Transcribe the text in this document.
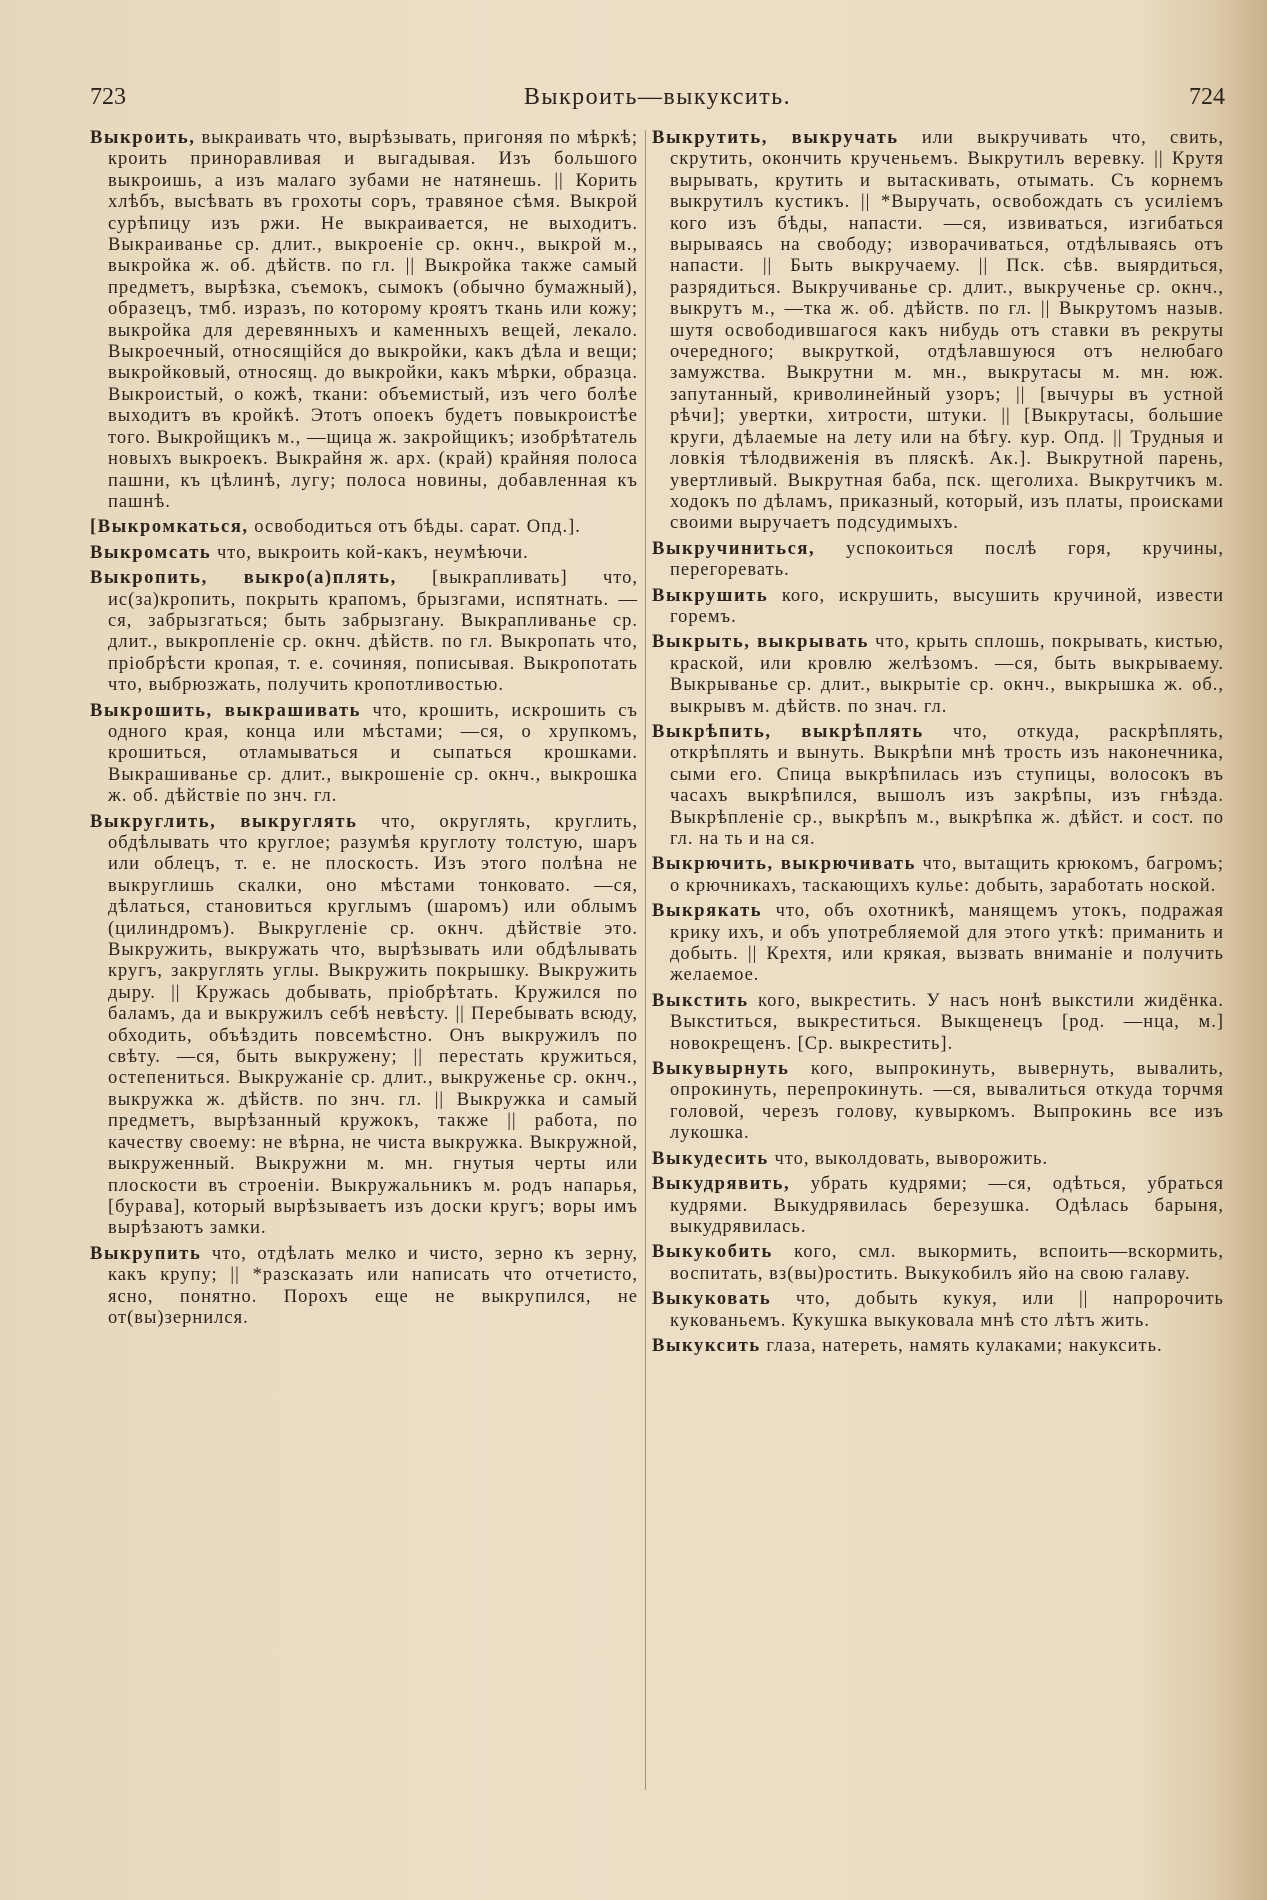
723	Выкроить—выкуксить.	724

Выкроить, выкраивать что, вырѣзывать, пригоняя по мѣркѣ; кроить приноравливая и выгадывая. Изъ большого выкроишь, а изъ малаго зубами не натянешь. || Корить хлѣбъ, высѣвать въ грохоты соръ, травяное сѣмя. Выкрой сурѣпицу изъ ржи. Не выкраивается, не выходитъ. Выкраиванье ср. длит., выкроеніе ср. окнч., выкрой м., выкройка ж. об. дѣйств. по гл. || Выкройка также самый предметъ, вырѣзка, съемокъ, сымокъ (обычно бумажный), образецъ, тмб. изразъ, по которому кроятъ ткань или кожу; выкройка для деревянныхъ и каменныхъ вещей, лекало. Выкроечный, относящійся до выкройки, какъ дѣла и вещи; выкройковый, относящ. до выкройки, какъ мѣрки, образца. Выкроистый, о кожѣ, ткани: объемистый, изъ чего болѣе выходитъ въ кройкѣ. Этотъ опоекъ будетъ повыкроистѣе того. Выкройщикъ м., —щица ж. закройщикъ; изобрѣтатель новыхъ выкроекъ. Выкрайня ж. арх. (край) крайняя полоса пашни, къ цѣлинѣ, лугу; полоса новины, добавленная къ пашнѣ.

[Выкромкаться, освободиться отъ бѣды. сарат. Опд.].

Выкромсать что, выкроить кой-какъ, неумѣючи.

Выкропить, выкро(а)плять, [выкрапливать] что, ис(за)кропить, покрыть крапомъ, брызгами, испятнать. —ся, забрызгаться; быть забрызгану. Выкрапливанье ср. длит., выкропленіе ср. окнч. дѣйств. по гл. Выкропать что, пріобрѣсти кропая, т. е. сочиняя, пописывая. Выкропотать что, выбрюзжать, получить кропотливостью.

Выкрошить, выкрашивать что, крошить, искрошить съ одного края, конца или мѣстами; —ся, о хрупкомъ, крошиться, отламываться и сыпаться крошками. Выкрашиванье ср. длит., выкрошеніе ср. окнч., выкрошка ж. об. дѣйствіе по знч. гл.

Выкруглить, выкруглять что, округлять, круглить, обдѣлывать что круглое; разумѣя круглоту толстую, шаръ или облецъ, т. е. не плоскость. Изъ этого полѣна не выкруглишь скалки, оно мѣстами тонковато. —ся, дѣлаться, становиться круглымъ (шаромъ) или облымъ (цилиндромъ). Выкругленіе ср. окнч. дѣйствіе это. Выкружить, выкружать что, вырѣзывать или обдѣлывать кругъ, закруглять углы. Выкружить покрышку. Выкружить дыру. || Кружась добывать, пріобрѣтать. Кружился по баламъ, да и выкружилъ себѣ невѣсту. || Перебывать всюду, обходить, объѣздить повсемѣстно. Онъ выкружилъ по свѣту. —ся, быть выкружену; || перестать кружиться, остепениться. Выкружаніе ср. длит., выкруженье ср. окнч., выкружка ж. дѣйств. по знч. гл. || Выкружка и самый предметъ, вырѣзанный кружокъ, также || работа, по качеству своему: не вѣрна, не чиста выкружка. Выкружной, выкруженный. Выкружни м. мн. гнутыя черты или плоскости въ строеніи. Выкружальникъ м. родъ напарья, [бурава], который вырѣзываетъ изъ доски кругъ; воры имъ вырѣзаютъ замки.

Выкрупить что, отдѣлать мелко и чисто, зерно къ зерну, какъ крупу; || *разсказать или написать что отчетисто, ясно, понятно. Порохъ еще не выкрупился, не от(вы)зернился.

Выкрутить, выкручать или выкручивать что, свить, скрутить, окончить крученьемъ. Выкрутилъ веревку. || Крутя вырывать, крутить и вытаскивать, отымать. Съ корнемъ выкрутилъ кустикъ. || *Выручать, освобождать съ усиліемъ кого изъ бѣды, напасти. —ся, извиваться, изгибаться вырываясь на свободу; изворачиваться, отдѣлываясь отъ напасти. || Быть выкручаему. || Пск. сѣв. выярдиться, разрядиться. Выкручиванье ср. длит., выкрученье ср. окнч., выкрутъ м., —тка ж. об. дѣйств. по гл. || Выкрутомъ назыв. шутя освободившагося какъ нибудь отъ ставки въ рекруты очередного; выкруткой, отдѣлавшуюся отъ нелюбаго замужства. Выкрутни м. мн., выкрутасы м. мн. юж. запутанный, криволинейный узоръ; || [вычуры въ устной рѣчи]; увертки, хитрости, штуки. || [Выкрутасы, большие круги, дѣлаемые на лету или на бѣгу. кур. Опд. || Трудныя и ловкія тѣлодвиженія въ пляскѣ. Ак.]. Выкрутной парень, увертливый. Выкрутная баба, пск. щеголиха. Выкрутчикъ м. ходокъ по дѣламъ, приказный, который, изъ платы, происками своими выручаетъ подсудимыхъ.

Выкручиниться, успокоиться послѣ горя, кручины, перегоревать.

Выкрушить кого, искрушить, высушить кручиной, извести горемъ.

Выкрыть, выкрывать что, крыть сплошь, покрывать, кистью, краской, или кровлю желѣзомъ. —ся, быть выкрываему. Выкрыванье ср. длит., выкрытіе ср. окнч., выкрышка ж. об., выкрывъ м. дѣйств. по знач. гл.

Выкрѣпить, выкрѣплять что, откуда, раскрѣплять, открѣплять и вынуть. Выкрѣпи мнѣ трость изъ наконечника, сыми его. Спица выкрѣпилась изъ ступицы, волосокъ въ часахъ выкрѣпился, вышолъ изъ закрѣпы, изъ гнѣзда. Выкрѣпленіе ср., выкрѣпъ м., выкрѣпка ж. дѣйст. и сост. по гл. на ть и на ся.

Выкрючить, выкрючивать что, вытащить крюкомъ, багромъ; о крючникахъ, таскающихъ кулье: добыть, заработать ноской.

Выкрякать что, объ охотникѣ, манящемъ утокъ, подражая крику ихъ, и объ употребляемой для этого уткѣ: приманить и добыть. || Крехтя, или крякая, вызвать вниманіе и получить желаемое.

Выкстить кого, выкрестить. У насъ нонѣ выкстили жидёнка. Выкститься, выкреститься. Выкщенецъ [род. —нца, м.] новокрещенъ. [Ср. выкрестить].

Выкувырнуть кого, выпрокинуть, вывернуть, вывалить, опрокинуть, перепрокинуть. —ся, вывалиться откуда торчмя головой, черезъ голову, кувыркомъ. Выпрокинь все изъ лукошка.

Выкудесить что, выколдовать, выворожить.

Выкудрявить, убрать кудрями; —ся, одѣться, убраться кудрями. Выкудрявилась березушка. Одѣлась барыня, выкудрявилась.

Выкукобить кого, смл. выкормить, вспоить—вскормить, воспитать, вз(вы)ростить. Выкукобилъ яйо на свою галаву.

Выкуковать что, добыть кукуя, или || напророчить кукованьемъ. Кукушка выкуковала мнѣ сто лѣтъ жить.

Выкуксить глаза, натереть, намять кулаками; накуксить.
